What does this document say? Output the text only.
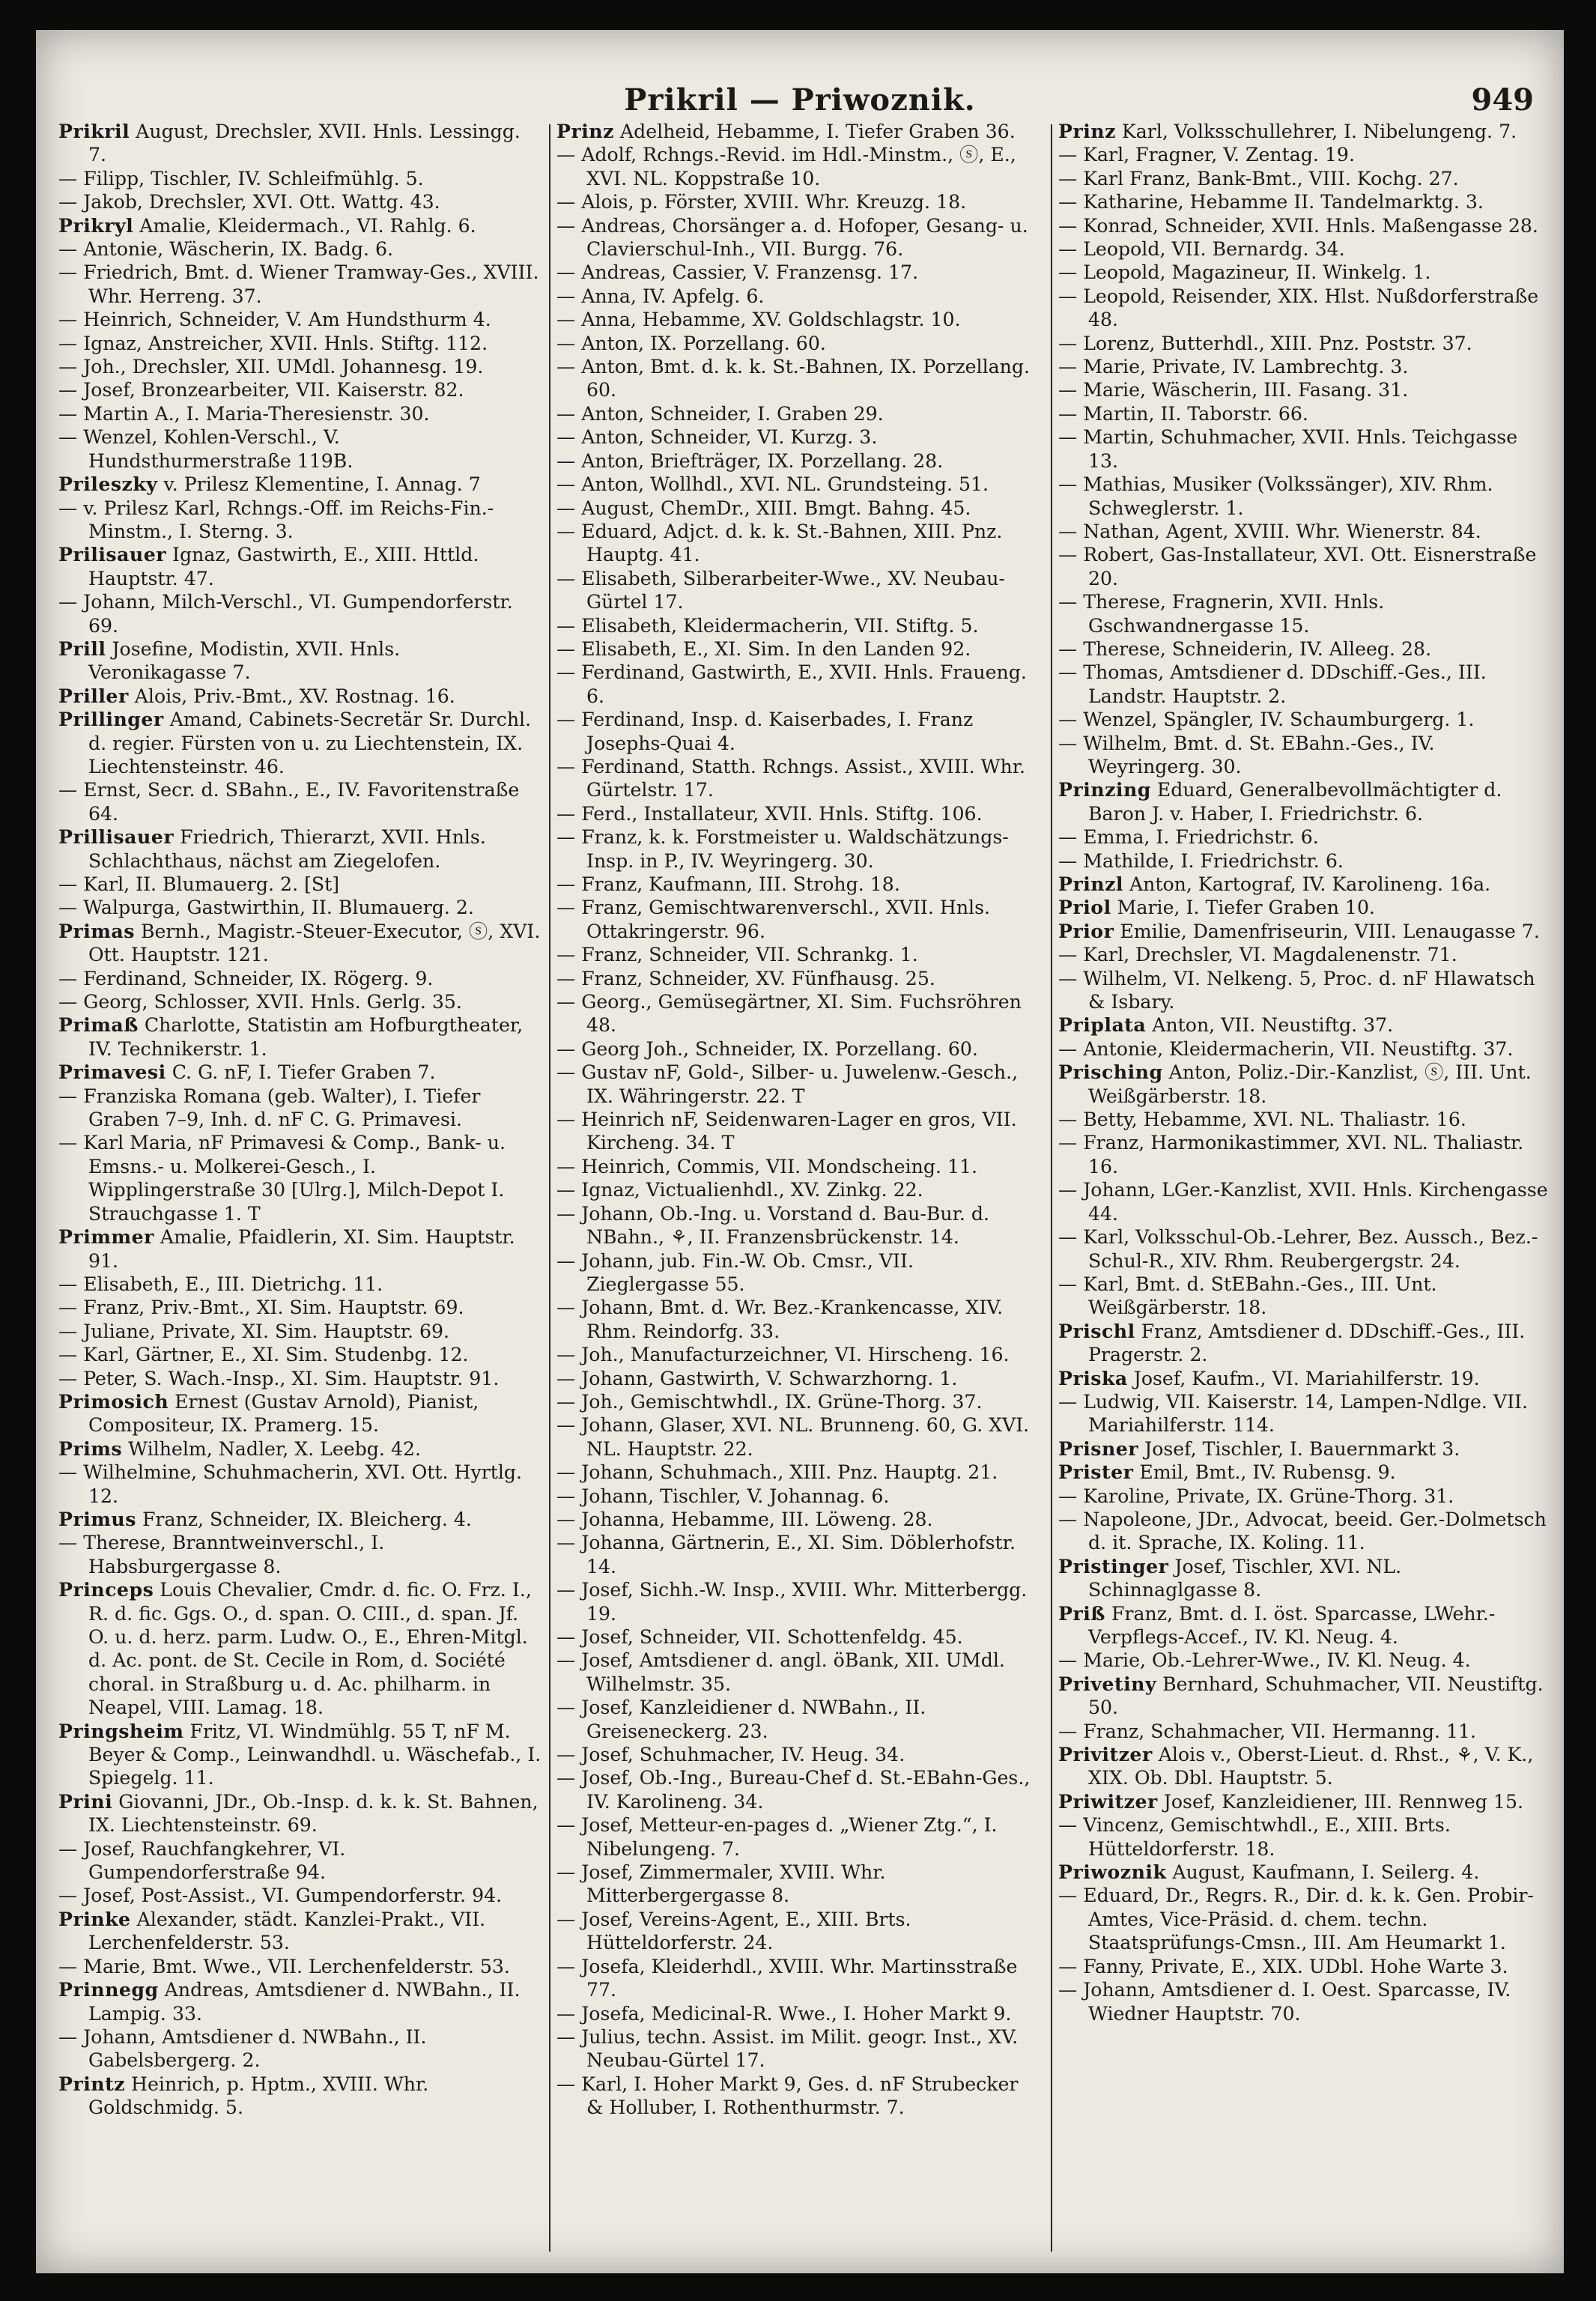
Prikril — Priwoznik.	949

Prikril August, Drechsler, XVII. Hnls. Lessingg. 7.

— Filipp, Tischler, IV. Schleifmühlg. 5.

— Jakob, Drechsler, XVI. Ott. Wattg. 43.

Prikryl Amalie, Kleidermach., VI. Rahlg. 6.

— Antonie, Wäscherin, IX. Badg. 6.

— Friedrich, Bmt. d. Wiener Tramway-Ges., XVIII. Whr. Herreng. 37.

— Heinrich, Schneider, V. Am Hundsthurm 4.

— Ignaz, Anstreicher, XVII. Hnls. Stiftg. 112.

— Joh., Drechsler, XII. UMdl. Johannesg. 19.

— Josef, Bronzearbeiter, VII. Kaiserstr. 82.

— Martin A., I. Maria-Theresienstr. 30.

— Wenzel, Kohlen-Verschl., V. Hundsthurmerstraße 119B.

Prileszky v. Prilesz Klementine, I. Annag. 7

— v. Prilesz Karl, Rchngs.-Off. im Reichs-Fin.-Minstm., I. Sterng. 3.

Prilisauer Ignaz, Gastwirth, E., XIII. Httld. Hauptstr. 47.

— Johann, Milch-Verschl., VI. Gumpendorferstr. 69.

Prill Josefine, Modistin, XVII. Hnls. Veronikagasse 7.

Priller Alois, Priv.-Bmt., XV. Rostnag. 16.

Prillinger Amand, Cabinets-Secretär Sr. Durchl. d. regier. Fürsten von u. zu Liechtenstein, IX. Liechtensteinstr. 46.

— Ernst, Secr. d. SBahn., E., IV. Favoritenstraße 64.

Prillisauer Friedrich, Thierarzt, XVII. Hnls. Schlachthaus, nächst am Ziegelofen.

— Karl, II. Blumauerg. 2. [St]

— Walpurga, Gastwirthin, II. Blumauerg. 2.

Primas Bernh., Magistr.-Steuer-Executor, ⓢ, XVI. Ott. Hauptstr. 121.

— Ferdinand, Schneider, IX. Rögerg. 9.

— Georg, Schlosser, XVII. Hnls. Gerlg. 35.

Primaß Charlotte, Statistin am Hofburgtheater, IV. Technikerstr. 1.

Primavesi C. G. nF, I. Tiefer Graben 7.

— Franziska Romana (geb. Walter), I. Tiefer Graben 7–9, Inh. d. nF C. G. Primavesi.

— Karl Maria, nF Primavesi & Comp., Bank- u. Emsns.- u. Molkerei-Gesch., I. Wipplingerstraße 30 [Ulrg.], Milch-Depot I. Strauchgasse 1. T

Primmer Amalie, Pfaidlerin, XI. Sim. Hauptstr. 91.

— Elisabeth, E., III. Dietrichg. 11.

— Franz, Priv.-Bmt., XI. Sim. Hauptstr. 69.

— Juliane, Private, XI. Sim. Hauptstr. 69.

— Karl, Gärtner, E., XI. Sim. Studenbg. 12.

— Peter, S. Wach.-Insp., XI. Sim. Hauptstr. 91.

Primosich Ernest (Gustav Arnold), Pianist, Compositeur, IX. Pramerg. 15.

Prims Wilhelm, Nadler, X. Leebg. 42.

— Wilhelmine, Schuhmacherin, XVI. Ott. Hyrtlg. 12.

Primus Franz, Schneider, IX. Bleicherg. 4.

— Therese, Branntweinverschl., I. Habsburgergasse 8.

Princeps Louis Chevalier, Cmdr. d. fic. O. Frz. I., R. d. fic. Ggs. O., d. span. O. CIII., d. span. Jf. O. u. d. herz. parm. Ludw. O., E., Ehren-Mitgl. d. Ac. pont. de St. Cecile in Rom, d. Société choral. in Straßburg u. d. Ac. philharm. in Neapel, VIII. Lamag. 18.

Pringsheim Fritz, VI. Windmühlg. 55 T, nF M. Beyer & Comp., Leinwandhdl. u. Wäschefab., I. Spiegelg. 11.

Prini Giovanni, JDr., Ob.-Insp. d. k. k. St. Bahnen, IX. Liechtensteinstr. 69.

— Josef, Rauchfangkehrer, VI. Gumpendorferstraße 94.

— Josef, Post-Assist., VI. Gumpendorferstr. 94.

Prinke Alexander, städt. Kanzlei-Prakt., VII. Lerchenfelderstr. 53.

— Marie, Bmt. Wwe., VII. Lerchenfelderstr. 53.

Prinnegg Andreas, Amtsdiener d. NWBahn., II. Lampig. 33.

— Johann, Amtsdiener d. NWBahn., II. Gabelsbergerg. 2.

Printz Heinrich, p. Hptm., XVIII. Whr. Goldschmidg. 5.

Prinz Adelheid, Hebamme, I. Tiefer Graben 36.

— Adolf, Rchngs.-Revid. im Hdl.-Minstm., ⓢ, E., XVI. NL. Koppstraße 10.

— Alois, p. Förster, XVIII. Whr. Kreuzg. 18.

— Andreas, Chorsänger a. d. Hofoper, Gesang- u. Clavierschul-Inh., VII. Burgg. 76.

— Andreas, Cassier, V. Franzensg. 17.

— Anna, IV. Apfelg. 6.

— Anna, Hebamme, XV. Goldschlagstr. 10.

— Anton, IX. Porzellang. 60.

— Anton, Bmt. d. k. k. St.-Bahnen, IX. Porzellang. 60.

— Anton, Schneider, I. Graben 29.

— Anton, Schneider, VI. Kurzg. 3.

— Anton, Briefträger, IX. Porzellang. 28.

— Anton, Wollhdl., XVI. NL. Grundsteing. 51.

— August, ChemDr., XIII. Bmgt. Bahng. 45.

— Eduard, Adjct. d. k. k. St.-Bahnen, XIII. Pnz. Hauptg. 41.

— Elisabeth, Silberarbeiter-Wwe., XV. Neubau-Gürtel 17.

— Elisabeth, Kleidermacherin, VII. Stiftg. 5.

— Elisabeth, E., XI. Sim. In den Landen 92.

— Ferdinand, Gastwirth, E., XVII. Hnls. Fraueng. 6.

— Ferdinand, Insp. d. Kaiserbades, I. Franz Josephs-Quai 4.

— Ferdinand, Statth. Rchngs. Assist., XVIII. Whr. Gürtelstr. 17.

— Ferd., Installateur, XVII. Hnls. Stiftg. 106.

— Franz, k. k. Forstmeister u. Waldschätzungs-Insp. in P., IV. Weyringerg. 30.

— Franz, Kaufmann, III. Strohg. 18.

— Franz, Gemischtwarenverschl., XVII. Hnls. Ottakringerstr. 96.

— Franz, Schneider, VII. Schrankg. 1.

— Franz, Schneider, XV. Fünfhausg. 25.

— Georg., Gemüsegärtner, XI. Sim. Fuchsröhren 48.

— Georg Joh., Schneider, IX. Porzellang. 60.

— Gustav nF, Gold-, Silber- u. Juwelenw.-Gesch., IX. Währingerstr. 22. T

— Heinrich nF, Seidenwaren-Lager en gros, VII. Kircheng. 34. T

— Heinrich, Commis, VII. Mondscheing. 11.

— Ignaz, Victualienhdl., XV. Zinkg. 22.

— Johann, Ob.-Ing. u. Vorstand d. Bau-Bur. d. NBahn., ⚘, II. Franzensbrückenstr. 14.

— Johann, jub. Fin.-W. Ob. Cmsr., VII. Zieglergasse 55.

— Johann, Bmt. d. Wr. Bez.-Krankencasse, XIV. Rhm. Reindorfg. 33.

— Joh., Manufacturzeichner, VI. Hirscheng. 16.

— Johann, Gastwirth, V. Schwarzhorng. 1.

— Joh., Gemischtwhdl., IX. Grüne-Thorg. 37.

— Johann, Glaser, XVI. NL. Brunneng. 60, G. XVI. NL. Hauptstr. 22.

— Johann, Schuhmach., XIII. Pnz. Hauptg. 21.

— Johann, Tischler, V. Johannag. 6.

— Johanna, Hebamme, III. Löweng. 28.

— Johanna, Gärtnerin, E., XI. Sim. Döblerhofstr. 14.

— Josef, Sichh.-W. Insp., XVIII. Whr. Mitterbergg. 19.

— Josef, Schneider, VII. Schottenfeldg. 45.

— Josef, Amtsdiener d. angl. öBank, XII. UMdl. Wilhelmstr. 35.

— Josef, Kanzleidiener d. NWBahn., II. Greiseneckerg. 23.

— Josef, Schuhmacher, IV. Heug. 34.

— Josef, Ob.-Ing., Bureau-Chef d. St.-EBahn-Ges., IV. Karolineng. 34.

— Josef, Metteur-en-pages d. „Wiener Ztg.“, I. Nibelungeng. 7.

— Josef, Zimmermaler, XVIII. Whr. Mitterbergergasse 8.

— Josef, Vereins-Agent, E., XIII. Brts. Hütteldorferstr. 24.

— Josefa, Kleiderhdl., XVIII. Whr. Martinsstraße 77.

— Josefa, Medicinal-R. Wwe., I. Hoher Markt 9.

— Julius, techn. Assist. im Milit. geogr. Inst., XV. Neubau-Gürtel 17.

— Karl, I. Hoher Markt 9, Ges. d. nF Strubecker & Holluber, I. Rothenthurmstr. 7.

Prinz Karl, Volksschullehrer, I. Nibelungeng. 7.

— Karl, Fragner, V. Zentag. 19.

— Karl Franz, Bank-Bmt., VIII. Kochg. 27.

— Katharine, Hebamme II. Tandelmarktg. 3.

— Konrad, Schneider, XVII. Hnls. Maßengasse 28.

— Leopold, VII. Bernardg. 34.

— Leopold, Magazineur, II. Winkelg. 1.

— Leopold, Reisender, XIX. Hlst. Nußdorferstraße 48.

— Lorenz, Butterhdl., XIII. Pnz. Poststr. 37.

— Marie, Private, IV. Lambrechtg. 3.

— Marie, Wäscherin, III. Fasang. 31.

— Martin, II. Taborstr. 66.

— Martin, Schuhmacher, XVII. Hnls. Teichgasse 13.

— Mathias, Musiker (Volkssänger), XIV. Rhm. Schweglerstr. 1.

— Nathan, Agent, XVIII. Whr. Wienerstr. 84.

— Robert, Gas-Installateur, XVI. Ott. Eisnerstraße 20.

— Therese, Fragnerin, XVII. Hnls. Gschwandnergasse 15.

— Therese, Schneiderin, IV. Alleeg. 28.

— Thomas, Amtsdiener d. DDschiff.-Ges., III. Landstr. Hauptstr. 2.

— Wenzel, Spängler, IV. Schaumburgerg. 1.

— Wilhelm, Bmt. d. St. EBahn.-Ges., IV. Weyringerg. 30.

Prinzing Eduard, Generalbevollmächtigter d. Baron J. v. Haber, I. Friedrichstr. 6.

— Emma, I. Friedrichstr. 6.

— Mathilde, I. Friedrichstr. 6.

Prinzl Anton, Kartograf, IV. Karolineng. 16a.

Priol Marie, I. Tiefer Graben 10.

Prior Emilie, Damenfriseurin, VIII. Lenaugasse 7.

— Karl, Drechsler, VI. Magdalenenstr. 71.

— Wilhelm, VI. Nelkeng. 5, Proc. d. nF Hlawatsch & Isbary.

Priplata Anton, VII. Neustiftg. 37.

— Antonie, Kleidermacherin, VII. Neustiftg. 37.

Prisching Anton, Poliz.-Dir.-Kanzlist, ⓢ, III. Unt. Weißgärberstr. 18.

— Betty, Hebamme, XVI. NL. Thaliastr. 16.

— Franz, Harmonikastimmer, XVI. NL. Thaliastr. 16.

— Johann, LGer.-Kanzlist, XVII. Hnls. Kirchengasse 44.

— Karl, Volksschul-Ob.-Lehrer, Bez. Aussch., Bez.-Schul-R., XIV. Rhm. Reubergergstr. 24.

— Karl, Bmt. d. StEBahn.-Ges., III. Unt. Weißgärberstr. 18.

Prischl Franz, Amtsdiener d. DDschiff.-Ges., III. Pragerstr. 2.

Priska Josef, Kaufm., VI. Mariahilferstr. 19.

— Ludwig, VII. Kaiserstr. 14, Lampen-Ndlge. VII. Mariahilferstr. 114.

Prisner Josef, Tischler, I. Bauernmarkt 3.

Prister Emil, Bmt., IV. Rubensg. 9.

— Karoline, Private, IX. Grüne-Thorg. 31.

— Napoleone, JDr., Advocat, beeid. Ger.-Dolmetsch d. it. Sprache, IX. Koling. 11.

Pristinger Josef, Tischler, XVI. NL. Schinnaglgasse 8.

Priß Franz, Bmt. d. I. öst. Sparcasse, LWehr.-Verpflegs-Accef., IV. Kl. Neug. 4.

— Marie, Ob.-Lehrer-Wwe., IV. Kl. Neug. 4.

Privetiny Bernhard, Schuhmacher, VII. Neustiftg. 50.

— Franz, Schahmacher, VII. Hermanng. 11.

Privitzer Alois v., Oberst-Lieut. d. Rhst., ⚘, V. K., XIX. Ob. Dbl. Hauptstr. 5.

Priwitzer Josef, Kanzleidiener, III. Rennweg 15.

— Vincenz, Gemischtwhdl., E., XIII. Brts. Hütteldorferstr. 18.

Priwoznik August, Kaufmann, I. Seilerg. 4.

— Eduard, Dr., Regrs. R., Dir. d. k. k. Gen. Probir-Amtes, Vice-Präsid. d. chem. techn. Staatsprüfungs-Cmsn., III. Am Heumarkt 1.

— Fanny, Private, E., XIX. UDbl. Hohe Warte 3.

— Johann, Amtsdiener d. I. Oest. Sparcasse, IV. Wiedner Hauptstr. 70.
